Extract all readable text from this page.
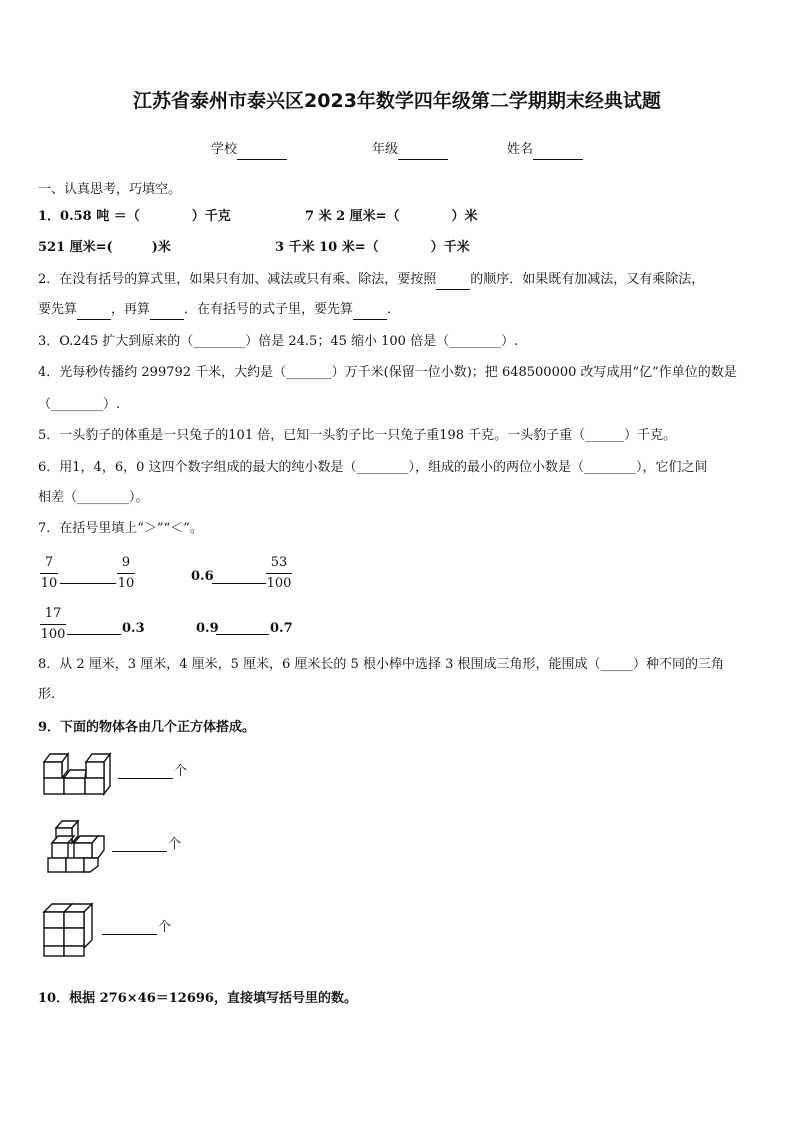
江苏省泰州市泰兴区2023年数学四年级第二学期期末经典试题
学校	年级	姓名
一、认真思考，巧填空。
1．0.58 吨 ＝（　　　　）千克	7 米 2 厘米=（　　　　）米
521 厘米=(　　　)米	3 千米 10 米=（　　　　）千米
2．在没有括号的算式里，如果只有加、减法或只有乘、除法，要按照	的顺序．如果既有加减法，又有乘除法，
要先算	，再算	．在有括号的式子里，要先算	．
3．O.245 扩大到原来的（________）倍是 24.5；45 缩小 100 倍是（________）.
4．光每秒传播约 299792 千米，大约是（_______）万千米(保留一位小数)；把 648500000 改写成用“亿”作单位的数是
（________）.
5．一头豹子的体重是一只兔子的101 倍，已知一头豹子比一只兔子重198 千克。一头豹子重（______）千克。
6．用1，4，6，0 这四个数字组成的最大的纯小数是（________），组成的最小的两位小数是（________），它们之间
相差（________）。
7．在括号里填上“＞”“＜”。
7
10
9
10	0.6
53
100
17
100	0.3	0.9	0.7
8．从 2 厘米，3 厘米，4 厘米，5 厘米，6 厘米长的 5 根小棒中选择 3 根围成三角形，能围成（_____）种不同的三角
形.
9．下面的物体各由几个正方体搭成。
个
个
个
10．根据 276×46＝12696，直接填写括号里的数。
